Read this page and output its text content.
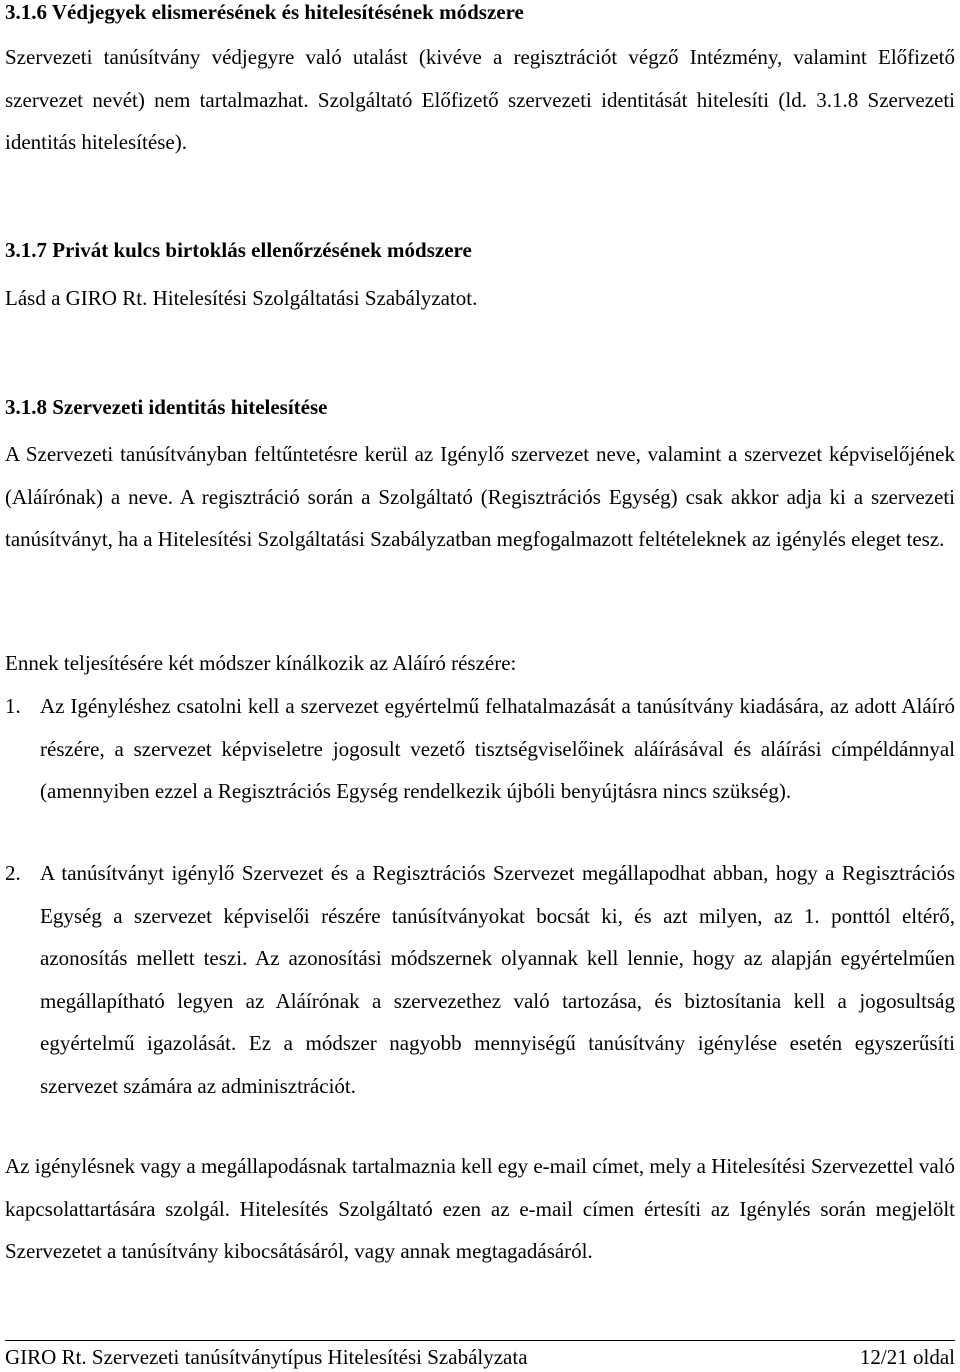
3.1.6 Védjegyek elismerésének és hitelesítésének módszere
Szervezeti tanúsítvány védjegyre való utalást (kivéve a regisztrációt végző Intézmény, valamint Előfizető szervezet nevét) nem tartalmazhat. Szolgáltató Előfizető szervezeti identitását hitelesíti (ld. 3.1.8 Szervezeti identitás hitelesítése).
3.1.7 Privát kulcs birtoklás ellenőrzésének módszere
Lásd a GIRO Rt. Hitelesítési Szolgáltatási Szabályzatot.
3.1.8 Szervezeti identitás hitelesítése
A Szervezeti tanúsítványban feltűntetésre kerül az Igénylő szervezet neve, valamint a szervezet képviselőjének (Aláírónak) a neve. A regisztráció során a Szolgáltató (Regisztrációs Egység) csak akkor adja ki a szervezeti tanúsítványt, ha a Hitelesítési Szolgáltatási Szabályzatban megfogalmazott feltételeknek az igénylés eleget tesz.
Ennek teljesítésére két módszer kínálkozik az Aláíró részére:
1. Az Igényléshez csatolni kell a szervezet egyértelmű felhatalmazását a tanúsítvány kiadására, az adott Aláíró részére, a szervezet képviseletre jogosult vezető tisztségviselőinek aláírásával és aláírási címpéldánnyal (amennyiben ezzel a Regisztrációs Egység rendelkezik újbóli benyújtásra nincs szükség).
2. A tanúsítványt igénylő Szervezet és a Regisztrációs Szervezet megállapodhat abban, hogy a Regisztrációs Egység a szervezet képviselői részére tanúsítványokat bocsát ki, és azt milyen, az 1. ponttól eltérő, azonosítás mellett teszi. Az azonosítási módszernek olyannak kell lennie, hogy az alapján egyértelműen megállapítható legyen az Aláírónak a szervezethez való tartozása, és biztosítania kell a jogosultság egyértelmű igazolását. Ez a módszer nagyobb mennyiségű tanúsítvány igénylése esetén egyszerűsíti szervezet számára az adminisztrációt.
Az igénylésnek vagy a megállapodásnak tartalmaznia kell egy e-mail címet, mely a Hitelesítési Szervezettel való kapcsolattartására szolgál. Hitelesítés Szolgáltató ezen az e-mail címen értesíti az Igénylés során megjelölt Szervezetet a tanúsítvány kibocsátásáról, vagy annak megtagadásáról.
GIRO Rt. Szervezeti tanúsítványtípus Hitelesítési Szabályzata	12/21 oldal
